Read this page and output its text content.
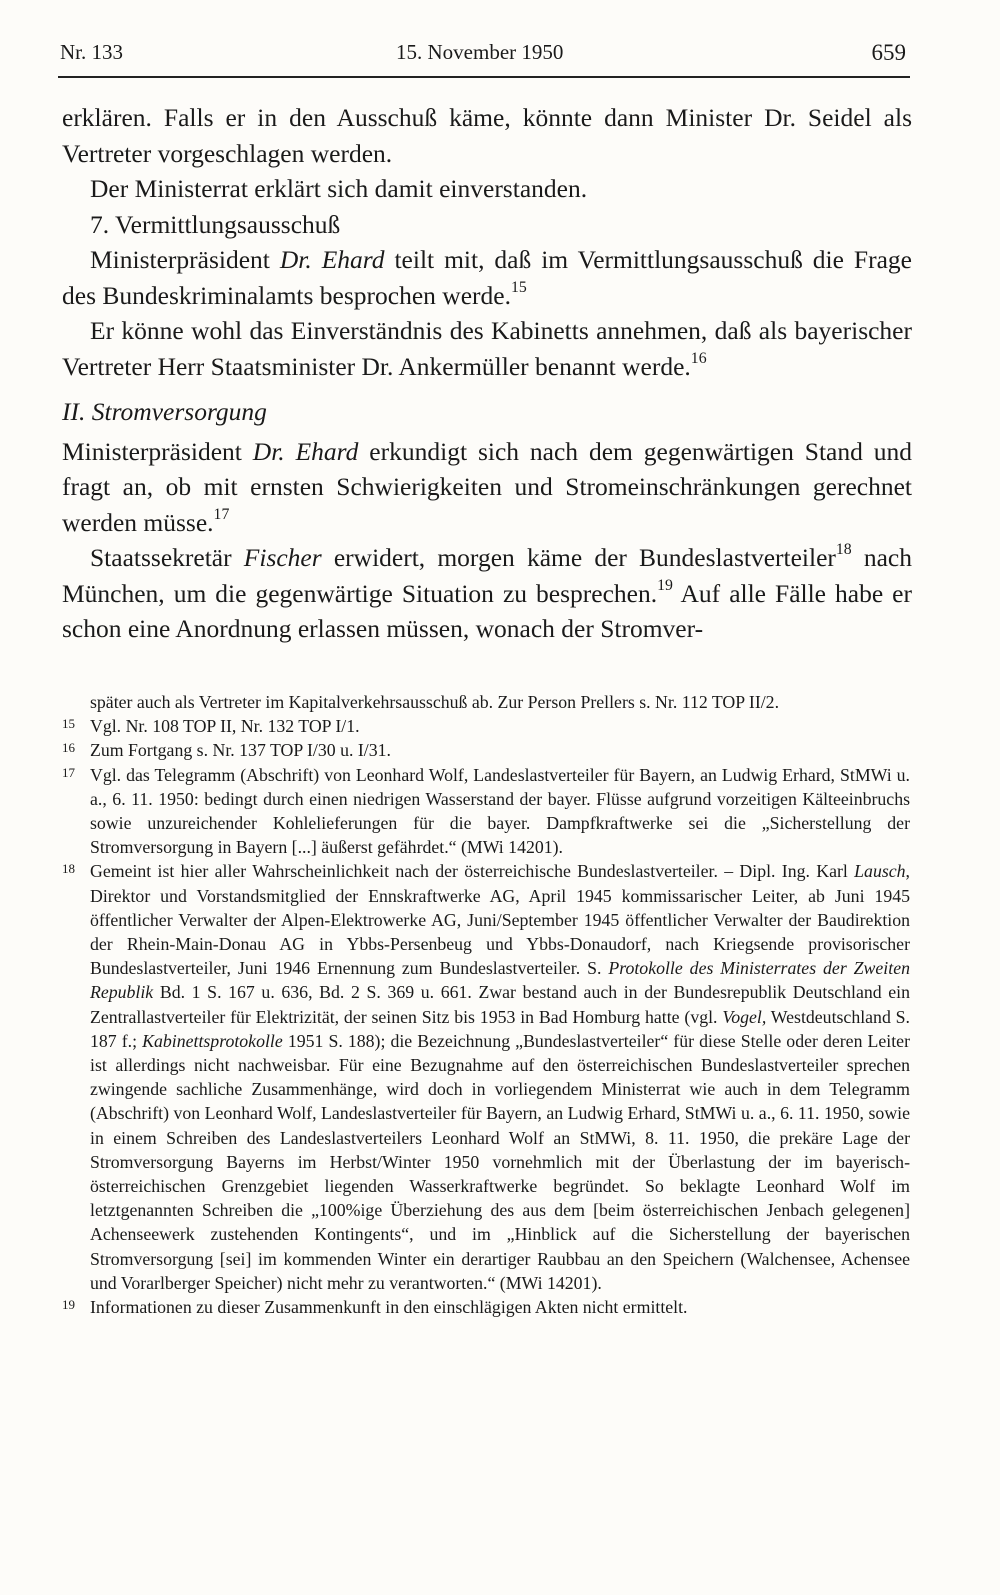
Nr. 133	15. November 1950	659

erklären. Falls er in den Ausschuß käme, könnte dann Minister Dr. Seidel als Vertreter vorgeschlagen werden.

Der Ministerrat erklärt sich damit einverstanden.

7. Vermittlungsausschuß

Ministerpräsident Dr. Ehard teilt mit, daß im Vermittlungsausschuß die Frage des Bundeskriminalamts besprochen werde.$^{15}$

Er könne wohl das Einverständnis des Kabinetts annehmen, daß als bayerischer Vertreter Herr Staatsminister Dr. Ankermüller benannt werde.$^{16}$

II. Stromversorgung

Ministerpräsident Dr. Ehard erkundigt sich nach dem gegenwärtigen Stand und fragt an, ob mit ernsten Schwierigkeiten und Stromeinschränkungen gerechnet werden müsse.$^{17}$

Staatssekretär Fischer erwidert, morgen käme der Bundeslastverteiler$^{18}$ nach München, um die gegenwärtige Situation zu besprechen.$^{19}$ Auf alle Fälle habe er schon eine Anordnung erlassen müssen, wonach der Stromver-

später auch als Vertreter im Kapitalverkehrsausschuß ab. Zur Person Prellers s. Nr. 112 TOP II/2.

15 Vgl. Nr. 108 TOP II, Nr. 132 TOP I/1.

16 Zum Fortgang s. Nr. 137 TOP I/30 u. I/31.

17 Vgl. das Telegramm (Abschrift) von Leonhard Wolf, Landeslastverteiler für Bayern, an Ludwig Erhard, StMWi u. a., 6. 11. 1950: bedingt durch einen niedrigen Wasserstand der bayer. Flüsse aufgrund vorzeitigen Kälteeinbruchs sowie unzureichender Kohlelieferungen für die bayer. Dampfkraftwerke sei die „Sicherstellung der Stromversorgung in Bayern [...] äußerst gefährdet.“ (MWi 14201).

18 Gemeint ist hier aller Wahrscheinlichkeit nach der österreichische Bundeslastverteiler. – Dipl. Ing. Karl Lausch, Direktor und Vorstandsmitglied der Ennskraftwerke AG, April 1945 kommissarischer Leiter, ab Juni 1945 öffentlicher Verwalter der Alpen-Elektrowerke AG, Juni/September 1945 öffentlicher Verwalter der Baudirektion der Rhein-Main-Donau AG in Ybbs-Persenbeug und Ybbs-Donaudorf, nach Kriegsende provisorischer Bundeslastverteiler, Juni 1946 Ernennung zum Bundeslastverteiler. S. Protokolle des Ministerrates der Zweiten Republik Bd. 1 S. 167 u. 636, Bd. 2 S. 369 u. 661. Zwar bestand auch in der Bundesrepublik Deutschland ein Zentrallastverteiler für Elektrizität, der seinen Sitz bis 1953 in Bad Homburg hatte (vgl. Vogel, Westdeutschland S. 187 f.; Kabinettsprotokolle 1951 S. 188); die Bezeichnung „Bundeslastverteiler“ für diese Stelle oder deren Leiter ist allerdings nicht nachweisbar. Für eine Bezugnahme auf den österreichischen Bundeslastverteiler sprechen zwingende sachliche Zusammenhänge, wird doch in vorliegendem Ministerrat wie auch in dem Telegramm (Abschrift) von Leonhard Wolf, Landeslastverteiler für Bayern, an Ludwig Erhard, StMWi u. a., 6. 11. 1950, sowie in einem Schreiben des Landeslastverteilers Leonhard Wolf an StMWi, 8. 11. 1950, die prekäre Lage der Stromversorgung Bayerns im Herbst/Winter 1950 vornehmlich mit der Überlastung der im bayerisch-österreichischen Grenzgebiet liegenden Wasserkraftwerke begründet. So beklagte Leonhard Wolf im letztgenannten Schreiben die „100%ige Überziehung des aus dem [beim österreichischen Jenbach gelegenen] Achenseewerk zustehenden Kontingents“, und im „Hinblick auf die Sicherstellung der bayerischen Stromversorgung [sei] im kommenden Winter ein derartiger Raubbau an den Speichern (Walchensee, Achensee und Vorarlberger Speicher) nicht mehr zu verantworten.“ (MWi 14201).

19 Informationen zu dieser Zusammenkunft in den einschlägigen Akten nicht ermittelt.
